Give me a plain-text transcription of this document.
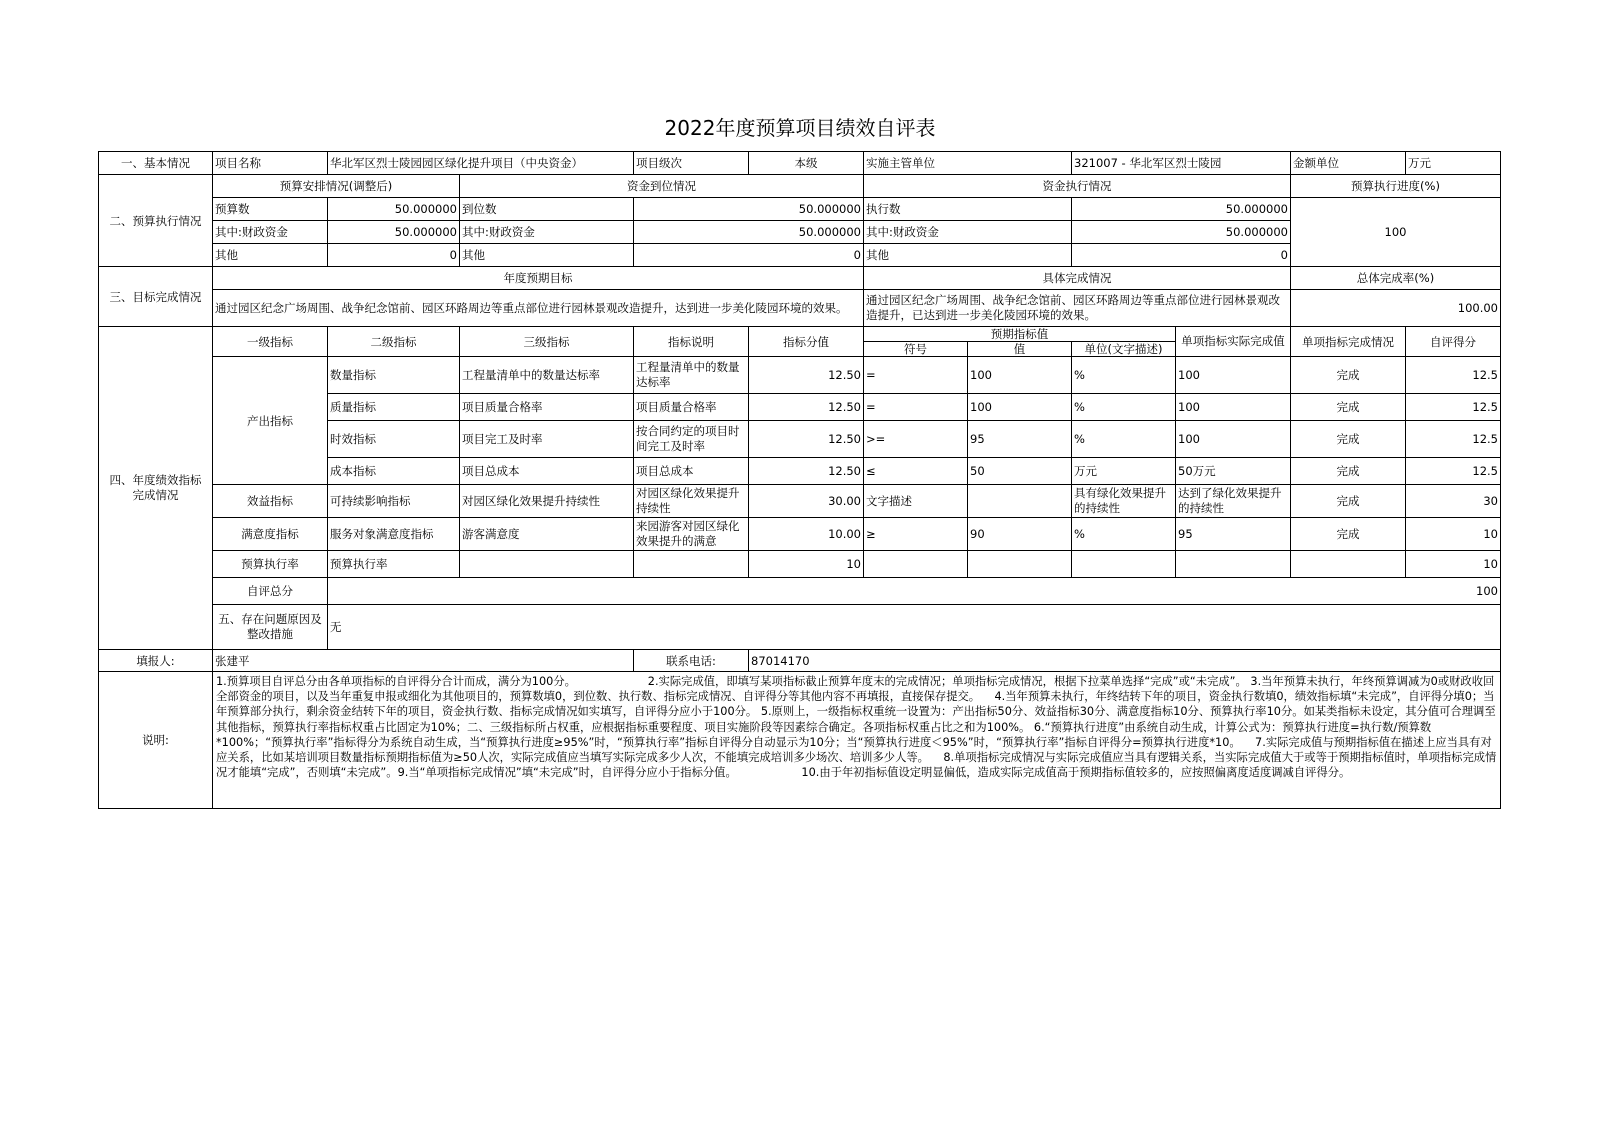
2022年度预算项目绩效自评表
一、基本情况	项目名称	华北军区烈士陵园园区绿化提升项目（中央资金）		项目级次	本级	实施主管单位		321007 - 华北军区烈士陵园		金额单位	万元
二、预算执行情况	预算安排情况(调整后)		资金到位情况			资金执行情况				预算执行进度(%)	
	预算数	50.000000	到位数	50.000000		执行数		50.000000		100	
	其中:财政资金	50.000000	其中:财政资金	50.000000		其中:财政资金		50.000000			
	其他	0	其他	0		其他		0			
三、目标完成情况	年度预期目标					具体完成情况				总体完成率(%)	
	通过园区纪念广场周围、战争纪念馆前、园区环路周边等重点部位进行园林景观改造提升，达到进一步美化陵园环境的效果。					通过园区纪念广场周围、战争纪念馆前、园区环路周边等重点部位进行园林景观改造提升，已达到进一步美化陵园环境的效果。				100.00	
四、年度绩效指标完成情况	一级指标	二级指标	三级指标	指标说明	指标分值	预期指标值			单项指标实际完成值	单项指标完成情况	自评得分
						符号	值	单位(文字描述)			
	产出指标	数量指标	工程量清单中的数量达标率	工程量清单中的数量达标率	12.50	=	100	%	100	完成	12.5
		质量指标	项目质量合格率	项目质量合格率	12.50	=	100	%	100	完成	12.5
		时效指标	项目完工及时率	按合同约定的项目时间完工及时率	12.50	>=	95	%	100	完成	12.5
		成本指标	项目总成本	项目总成本	12.50	≤	50	万元	50万元	完成	12.5
	效益指标	可持续影响指标	对园区绿化效果提升持续性	对园区绿化效果提升持续性	30.00	文字描述		具有绿化效果提升的持续性	达到了绿化效果提升的持续性	完成	30
	满意度指标	服务对象满意度指标	游客满意度	来园游客对园区绿化效果提升的满意	10.00	≥	90	%	95	完成	10
	预算执行率	预算执行率			10						10
	自评总分	100									
	五、存在问题原因及整改措施	无									
填报人:	张建平			联系电话:	87014170						
说明:	1.预算项目自评总分由各单项指标的自评得分合计而成，满分为100分。                    2.实际完成值，即填写某项指标截止预算年度末的完成情况；单项指标完成情况，根据下拉菜单选择“完成”或“未完成”。 3.当年预算未执行，年终预算调减为0或财政收回全部资金的项目，以及当年重复申报或细化为其他项目的，预算数填0，到位数、执行数、指标完成情况、自评得分等其他内容不再填报，直接保存提交。    4.当年预算未执行，年终结转下年的项目，资金执行数填0，绩效指标填“未完成”，自评得分填0；当年预算部分执行，剩余资金结转下年的项目，资金执行数、指标完成情况如实填写，自评得分应小于100分。 5.原则上，一级指标权重统一设置为：产出指标50分、效益指标30分、满意度指标10分、预算执行率10分。如某类指标未设定，其分值可合理调至其他指标，预算执行率指标权重占比固定为10%；二、三级指标所占权重，应根据指标重要程度、项目实施阶段等因素综合确定。各项指标权重占比之和为100%。 6.“预算执行进度”由系统自动生成，计算公式为：预算执行进度=执行数/预算数*100%；“预算执行率”指标得分为系统自动生成，当“预算执行进度≥95%”时，“预算执行率”指标自评得分自动显示为10分；当“预算执行进度＜95%”时，“预算执行率”指标自评得分=预算执行进度*10。    7.实际完成值与预期指标值在描述上应当具有对应关系，比如某培训项目数量指标预期指标值为≥50人次，实际完成值应当填写实际完成多少人次，不能填完成培训多少场次、培训多少人等。    8.单项指标完成情况与实际完成值应当具有逻辑关系，当实际完成值大于或等于预期指标值时，单项指标完成情况才能填“完成”，否则填“未完成”。9.当“单项指标完成情况”填“未完成”时，自评得分应小于指标分值。                  10.由于年初指标值设定明显偏低，造成实际完成值高于预期指标值较多的，应按照偏离度适度调减自评得分。										
